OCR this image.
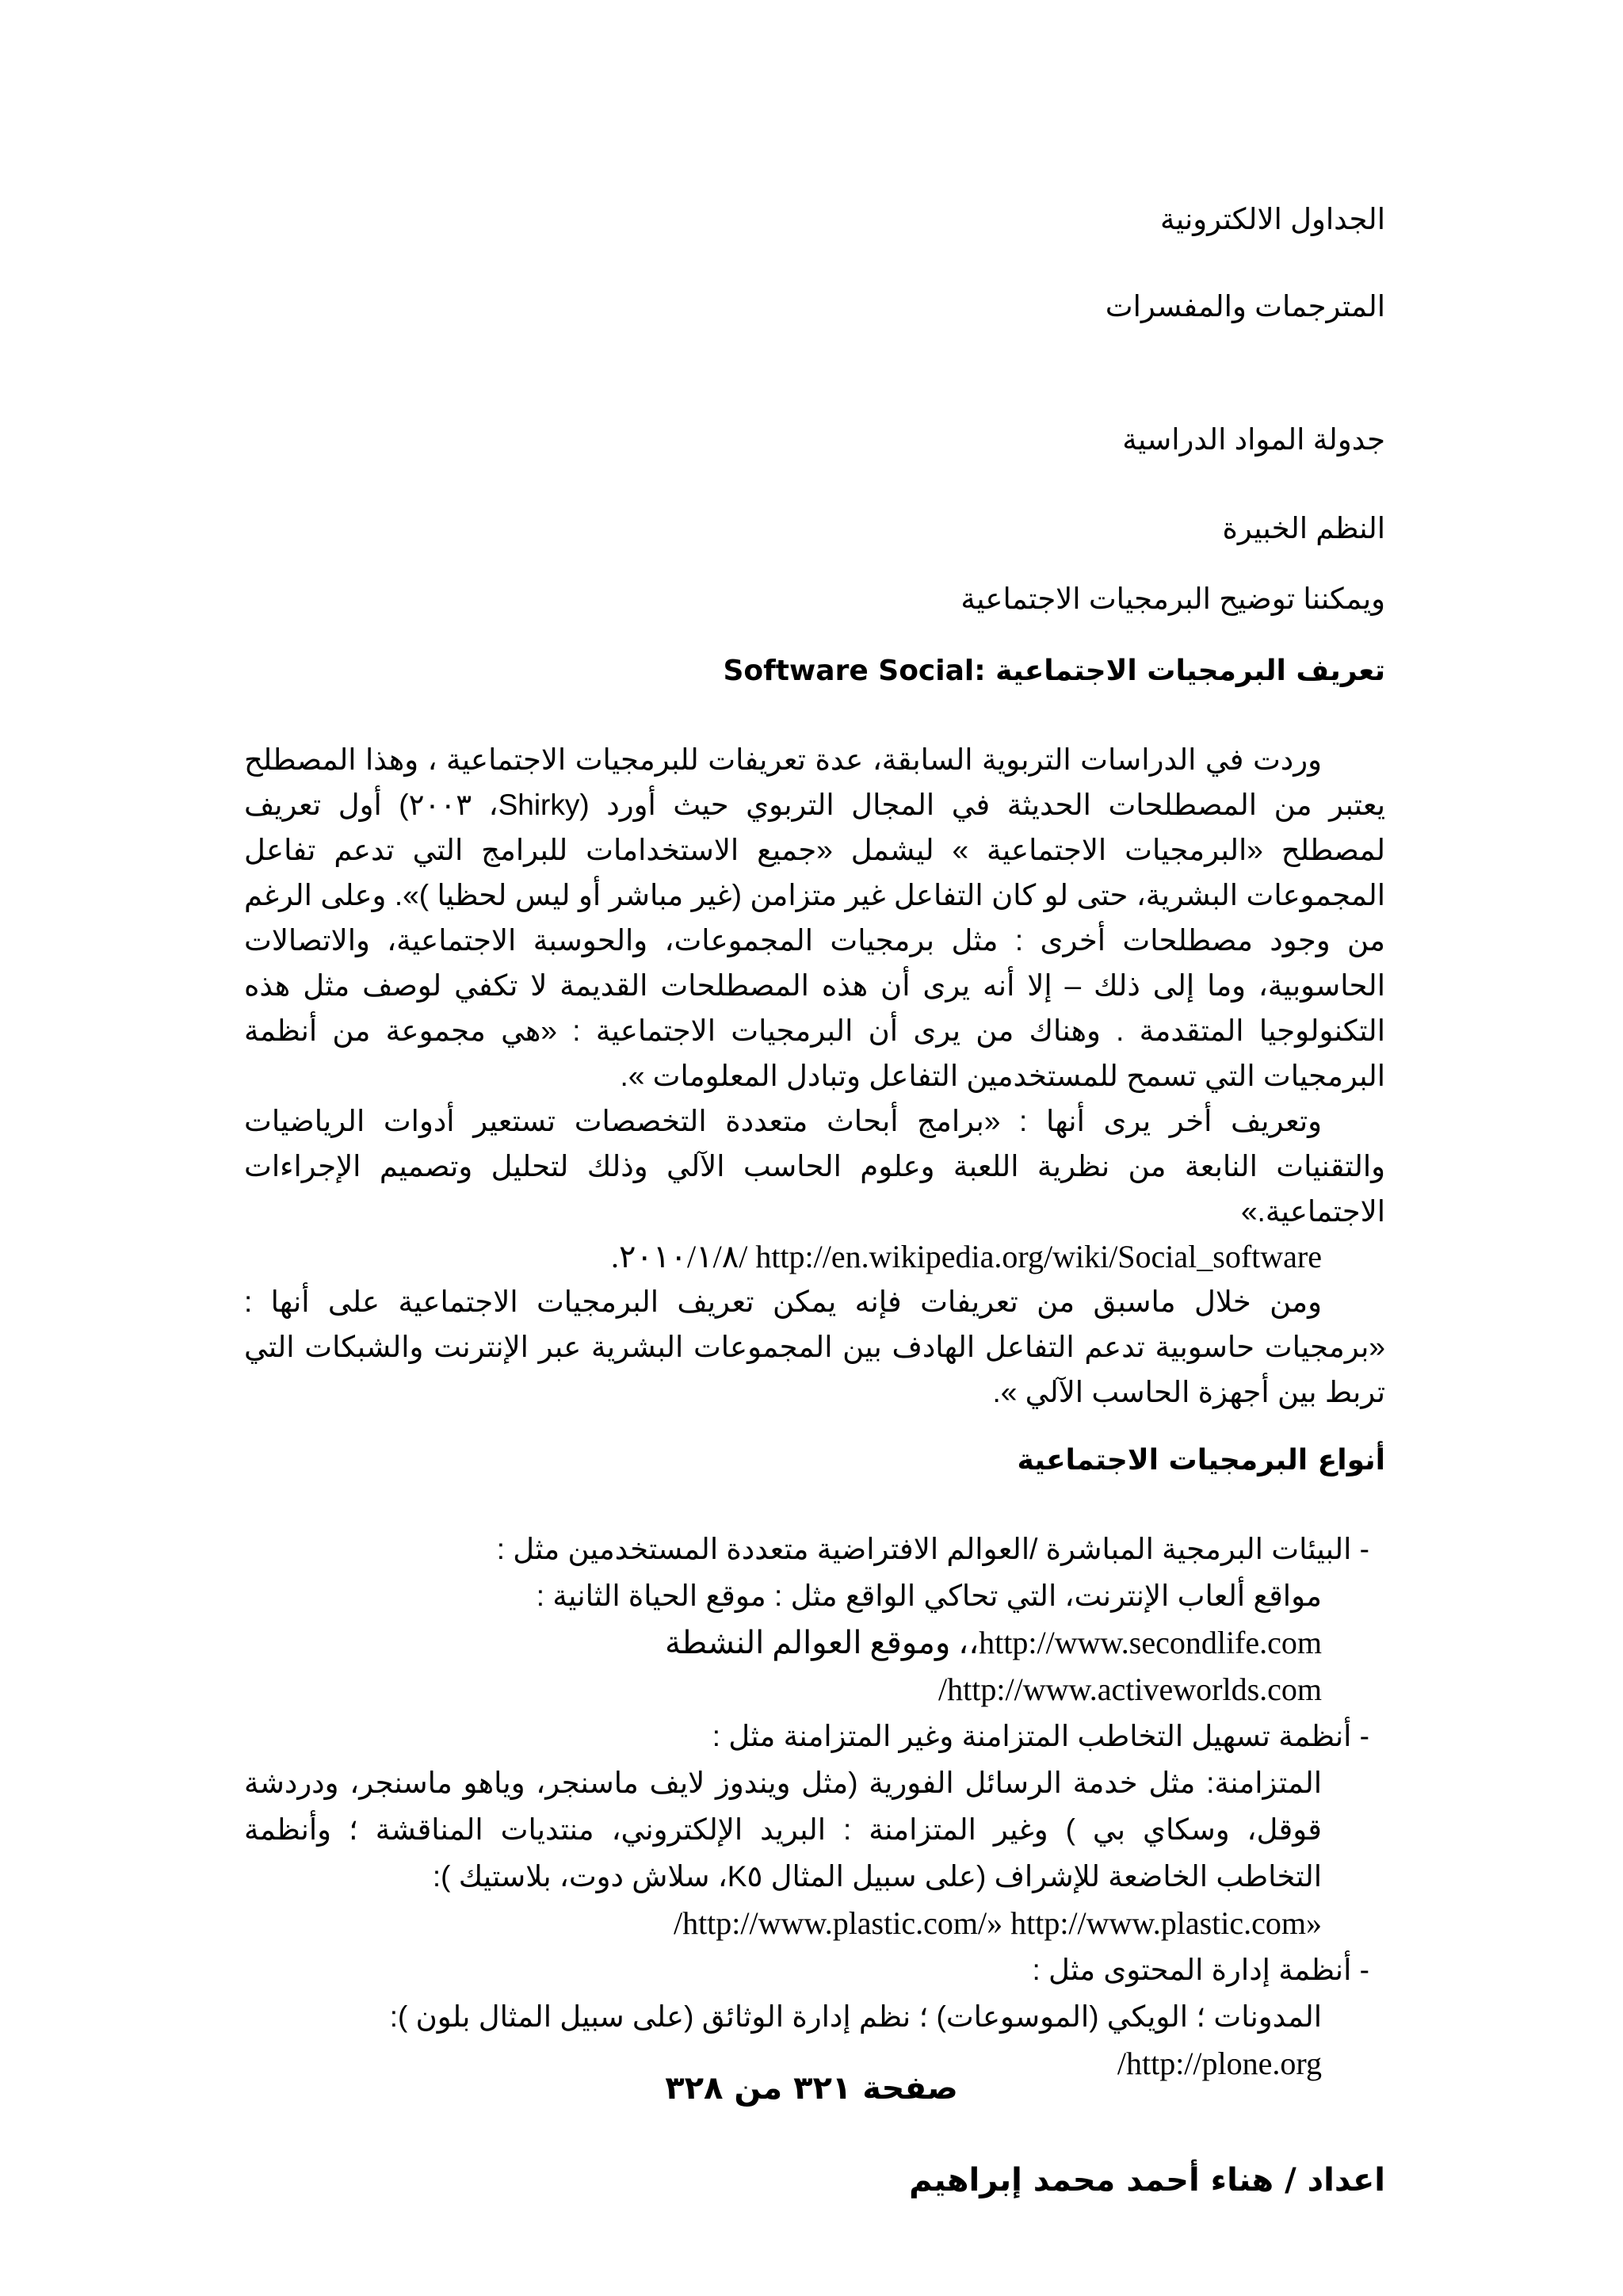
الجداول الالكترونية
المترجمات والمفسرات
جدولة المواد الدراسية
النظم الخبيرة
ويمكننا توضيح البرمجيات الاجتماعية
تعريف البرمجيات الاجتماعية :Software Social

وردت في الدراسات التربوية السابقة، عدة تعريفات للبرمجيات الاجتماعية ، وهذا المصطلح يعتبر من المصطلحات الحديثة في المجال التربوي حيث أورد (Shirky، ٢٠٠٣) أول تعريف لمصطلح «البرمجيات الاجتماعية » ليشمل «جميع الاستخدامات للبرامج التي تدعم تفاعل المجموعات البشرية، حتى لو كان التفاعل غير متزامن (غير مباشر أو ليس لحظيا )». وعلى الرغم من وجود مصطلحات أخرى : مثل برمجيات المجموعات، والحوسبة الاجتماعية، والاتصالات الحاسوبية، وما إلى ذلك – إلا أنه يرى أن هذه المصطلحات القديمة لا تكفي لوصف مثل هذه التكنولوجيا المتقدمة . وهناك من يرى أن البرمجيات الاجتماعية : «هي مجموعة من أنظمة البرمجيات التي تسمح للمستخدمين التفاعل وتبادل المعلومات ».

وتعريف أخر يرى أنها : «برامج أبحاث متعددة التخصصات تستعير أدوات الرياضيات والتقنيات النابعة من نظرية اللعبة وعلوم الحاسب الآلي وذلك لتحليل وتصميم الإجراءات الاجتماعية.»

http://en.wikipedia.org/wiki/Social_software /٢٠١٠/١/٨.

ومن خلال ماسبق من تعريفات فإنه يمكن تعريف البرمجيات الاجتماعية على أنها : «برمجيات حاسوبية تدعم التفاعل الهادف بين المجموعات البشرية عبر الإنترنت والشبكات التي تربط بين أجهزة الحاسب الآلي ».

أنواع البرمجيات الاجتماعية

- البيئات البرمجية المباشرة /العوالم الافتراضية متعددة المستخدمين مثل :

مواقع ألعاب الإنترنت، التي تحاكي الواقع مثل : موقع الحياة الثانية :

http://www.secondlife.com،، وموقع العوالم النشطة

http://www.activeworlds.com/

- أنظمة تسهيل التخاطب المتزامنة وغير المتزامنة مثل :

المتزامنة: مثل خدمة الرسائل الفورية (مثل ويندوز لايف ماسنجر، وياهو ماسنجر، ودردشة قوقل، وسكاي بي ) وغير المتزامنة : البريد الإلكتروني، منتديات المناقشة ؛ وأنظمة التخاطب الخاضعة للإشراف (على سبيل المثال K٥، سلاش دوت، بلاستيك ):

«http://www.plastic.com/» http://www.plastic.com/

- أنظمة إدارة المحتوى مثل :

المدونات ؛ الويكي (الموسوعات) ؛ نظم إدارة الوثائق (على سبيل المثال بلون ):

http://plone.org/

صفحة ٣٢١ من ٣٢٨
اعداد / هناء أحمد محمد إبراهيم
